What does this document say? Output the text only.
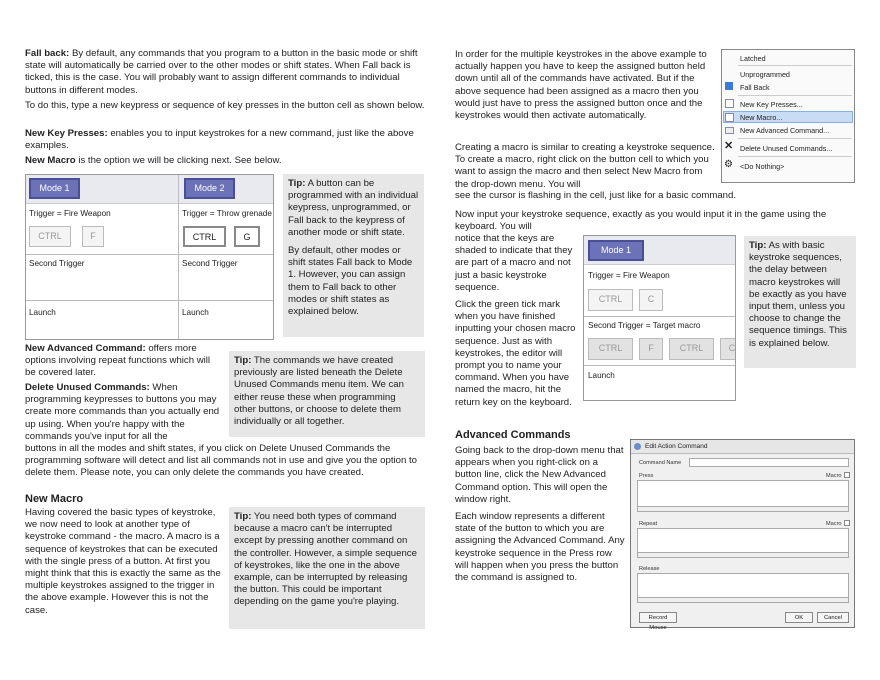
Fall back: By default, any commands that you program to a button in the basic mode or shift state will automatically be carried over to the other modes or shift states. When Fall back is ticked, this is the case. You will probably want to assign different commands to individual buttons in different modes.

To do this, type a new keypress or sequence of key presses in the button cell as shown below.

New Key Presses: enables you to input keystrokes for a new command, just like the above examples.

New Macro is the option we will be clicking next. See below.

Mode 1	Mode 2
Trigger = Fire Weapon	Trigger = Throw grenade
CTRL	F	CTRL	G
Second Trigger	Second Trigger
Launch	Launch
Tip: A button can be programmed with an individual keypress, unprogrammed, or Fall back to the keypress of another mode or shift state.
By default, other modes or shift states Fall back to Mode 1. However, you can assign them to Fall back to other modes or shift states as explained below.

New Advanced Command: offers more options involving repeat functions which will be covered later.

Delete Unused Commands: When programming keypresses to buttons you may create more commands than you actually end up using. When you're happy with the commands you've input for all the

buttons in all the modes and shift states, if you click on Delete Unused Commands the programming software will detect and list all commands not in use and give you the option to delete them. Please note, you can only delete the commands you have created.

Tip: The commands we have created previously are listed beneath the Delete Unused Commands menu item. We can either reuse these when programming other buttons, or choose to delete them individually or all together.

New Macro

Having covered the basic types of keystroke, we now need to look at another type of keystroke command - the macro. A macro is a sequence of keystrokes that can be executed with the single press of a button. At first you might think that this is exactly the same as the multiple keystrokes assigned to the trigger in the above example. However this is not the case.

Tip: You need both types of command because a macro can't be interrupted except by pressing another command on the controller. However, a simple sequence of keystrokes, like the one in the above example, can be interrupted by releasing the button. This could be important depending on the game you're playing.

In order for the multiple keystrokes in the above example to actually happen you have to keep the assigned button held down until all of the commands have activated. But if the above sequence had been assigned as a macro then you would just have to press the assigned button once and the keystrokes would then activate automatically.

Creating a macro is similar to creating a keystroke sequence. To create a macro, right click on the button cell to which you want to assign the macro and then select New Macro from the drop-down menu. You will

see the cursor is flashing in the cell, just like for a basic command.

Latched
Unprogrammed
Fall Back
New Key Presses...
New Macro...
New Advanced Command...
✕ Delete Unused Commands...
⚙ <Do Nothing>

Now input your keystroke sequence, exactly as you would input it in the game using the keyboard. You will

notice that the keys are shaded to indicate that they are part of a macro and not just a basic keystroke sequence.

Click the green tick mark when you have finished inputting your chosen macro sequence. Just as with keystrokes, the editor will prompt you to name your command. When you have named the macro, hit the return key on the keyboard.

Mode 1
Trigger = Fire Weapon
CTRL	C
Second Trigger = Target macro
CTRL	F	CTRL	C
Launch
Tip: As with basic keystroke sequences, the delay between macro keystrokes will be exactly as you have input them, unless you choose to change the sequence timings. This is explained below.

Advanced Commands

Going back to the drop-down menu that appears when you right-click on a button line, click the New Advanced Command option. This will open the window right.

Each window represents a different state of the button to which you are assigning the Advanced Command. Any keystroke sequence in the Press row will happen when you press the button the command is assigned to.

Edit Action Command
Command Name
Press	Macro
Repeat	Macro
Release
Record Mouse
OK	Cancel
